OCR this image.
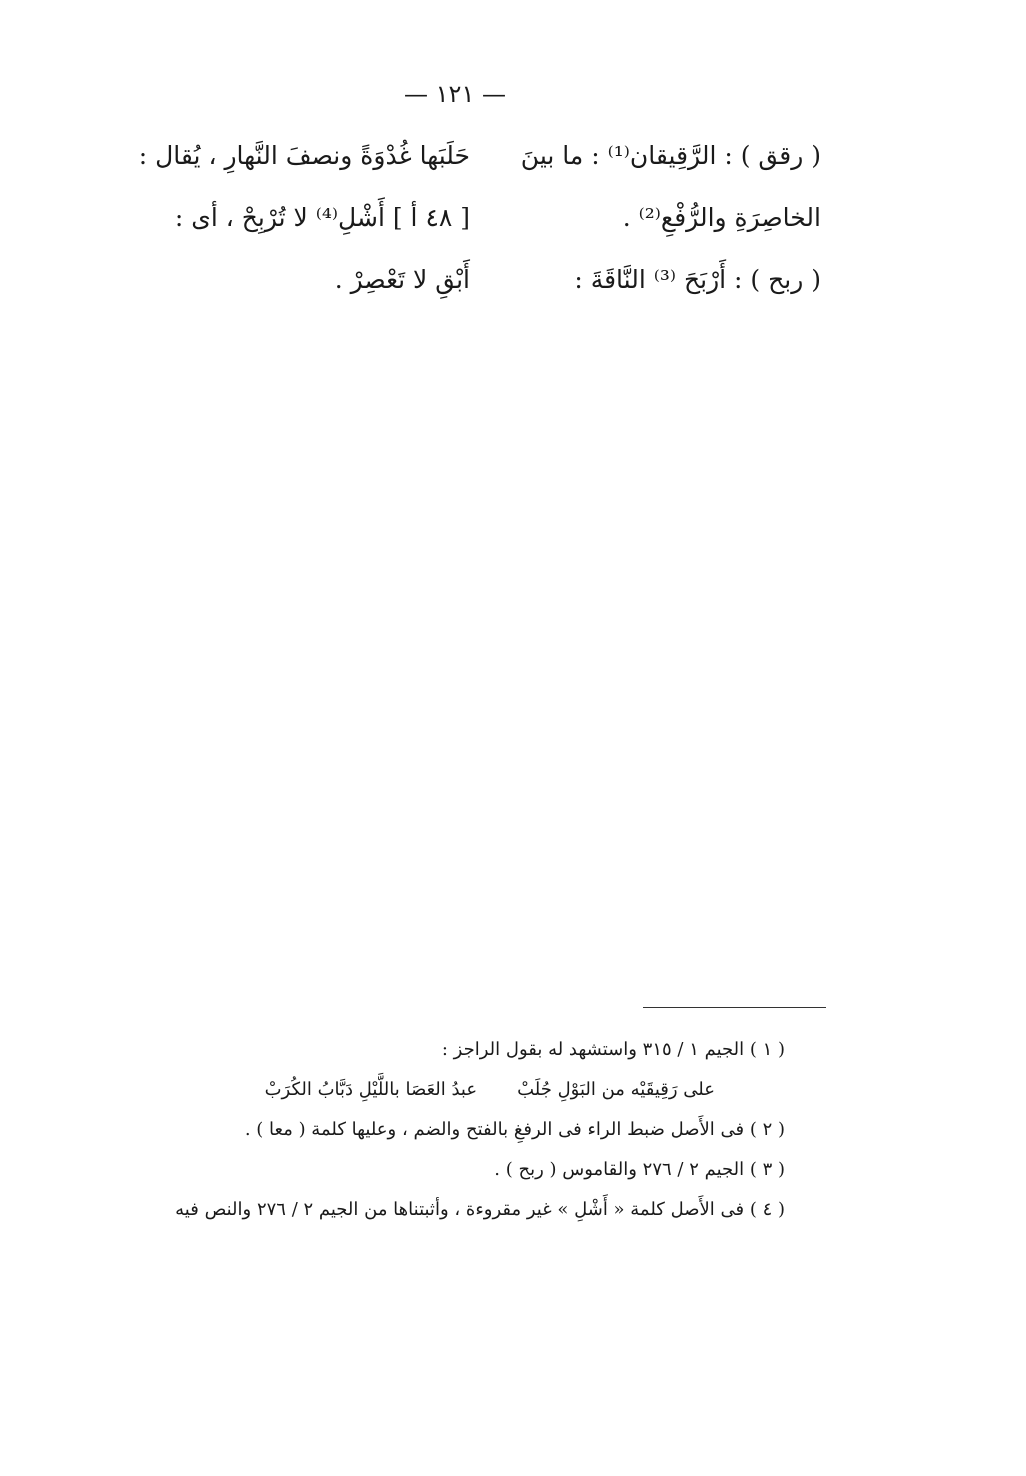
— ١٢١ —
( رقق ) : الرَّقِيقان⁽¹⁾ : ما بينَ
الخاصِرَةِ والرُّفْعِ⁽²⁾ .
( ربح ) : أَرْبَحَ ⁽³⁾ النَّاقَةَ :
حَلَبَها غُدْوَةً ونصفَ النَّهارِ ، يُقال :
[ ٤٨ أ ] أَشْلِ⁽⁴⁾ لا تُرْبِحْ ، أى :
أَبْقِ لا تَعْصِرْ .
( ١ ) الجيم ١ / ٣١٥ واستشهد له بقول الراجز :
على رَقِيقَيْه من البَوْلِ جُلَبْعبدُ العَصَا باللَّيْلِ دَبَّابُ الكُرَبْ
( ٢ ) فى الأَصل ضبط الراء فى الرفغِ بالفتح والضم ، وعليها كلمة ( معا ) .
( ٣ ) الجيم ٢ / ٢٧٦ والقاموس ( ربح ) .
( ٤ ) فى الأَصل كلمة « أَشْلِ » غير مقروءة ، وأثبتناها من الجيم ٢ / ٢٧٦ والنص فيه
